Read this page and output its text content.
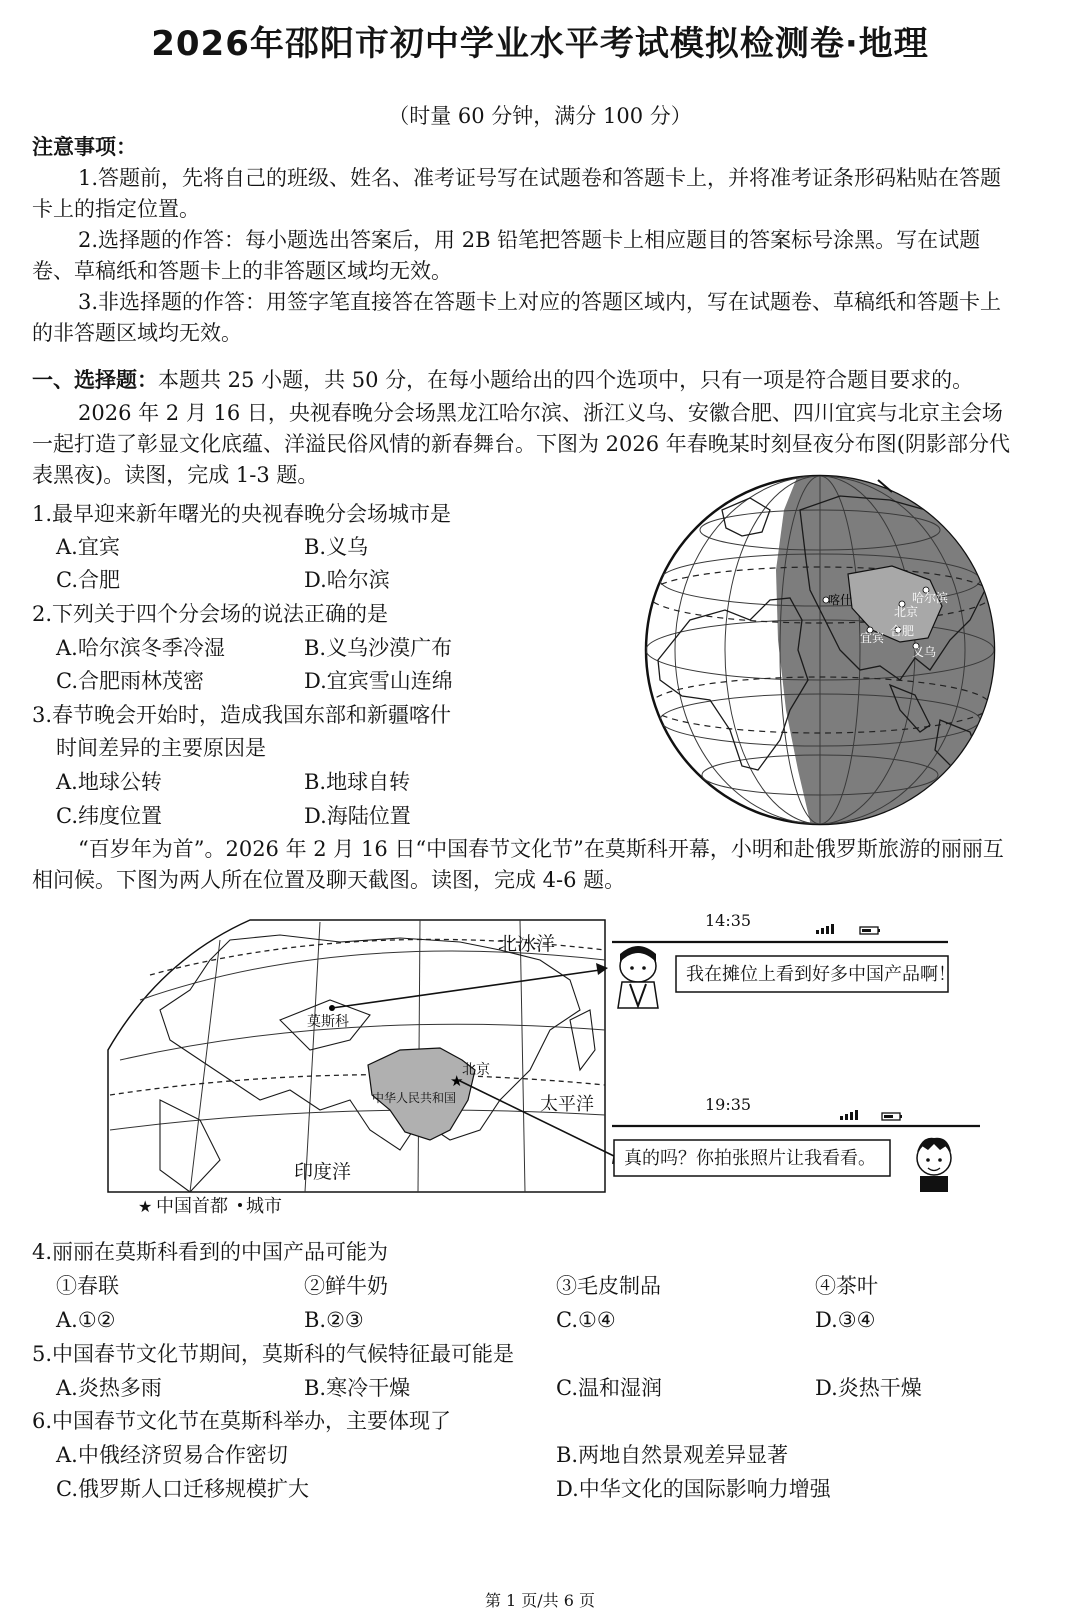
2026年邵阳市初中学业水平考试模拟检测卷·地理
（时量 60 分钟，满分 100 分）
注意事项：
1.答题前，先将自己的班级、姓名、准考证号写在试题卷和答题卡上，并将准考证条形码粘贴在答题卡上的指定位置。
2.选择题的作答：每小题选出答案后，用 2B 铅笔把答题卡上相应题目的答案标号涂黑。写在试题卷、草稿纸和答题卡上的非答题区域均无效。
3.非选择题的作答：用签字笔直接答在答题卡上对应的答题区域内，写在试题卷、草稿纸和答题卡上的非答题区域均无效。
一、选择题：本题共 25 小题，共 50 分，在每小题给出的四个选项中，只有一项是符合题目要求的。
2026 年 2 月 16 日，央视春晚分会场黑龙江哈尔滨、浙江义乌、安徽合肥、四川宜宾与北京主会场一起打造了彰显文化底蕴、洋溢民俗风情的新春舞台。下图为 2026 年春晚某时刻昼夜分布图(阴影部分代表黑夜)。读图，完成 1-3 题。
1.最早迎来新年曙光的央视春晚分会场城市是
A.宜宾	B.义乌
C.合肥	D.哈尔滨
2.下列关于四个分会场的说法正确的是
A.哈尔滨冬季冷湿	B.义乌沙漠广布
C.合肥雨林茂密	D.宜宾雪山连绵
3.春节晚会开始时，造成我国东部和新疆喀什
时间差异的主要原因是
A.地球公转	B.地球自转
C.纬度位置	D.海陆位置
喀什	哈尔滨
北京
宜宾 合肥
义乌
“百岁年为首”。2026 年 2 月 16 日“中国春节文化节”在莫斯科开幕，小明和赴俄罗斯旅游的丽丽互相问候。下图为两人所在位置及聊天截图。读图，完成 4-6 题。
北冰洋
莫斯科
北京
中华人民共和国	太平洋
印度洋
★
★ 中国首都 城市
14:35
我在摊位上看到好多中国产品啊！
19:35
真的吗？你拍张照片让我看看。
4.丽丽在莫斯科看到的中国产品可能为
①春联	②鲜牛奶	③毛皮制品	④茶叶
A.①②	B.②③	C.①④	D.③④
5.中国春节文化节期间，莫斯科的气候特征最可能是
A.炎热多雨	B.寒冷干燥	C.温和湿润	D.炎热干燥
6.中国春节文化节在莫斯科举办，主要体现了
A.中俄经济贸易合作密切	B.两地自然景观差异显著
C.俄罗斯人口迁移规模扩大	D.中华文化的国际影响力增强
第 1 页/共 6 页
